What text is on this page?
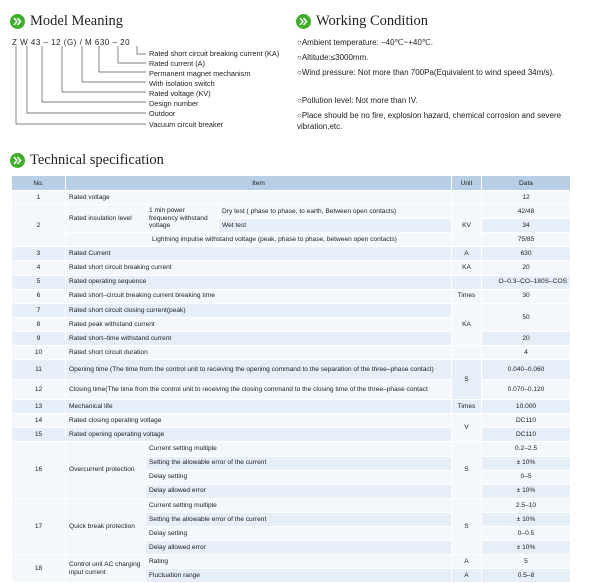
Model Meaning
Z W 43 – 12 (G) / M 630 – 20
Rated short circuit breaking current (KA)
Rated current (A)
Permanent magnet mechanism
With isolation switch
Rated voltage (KV)
Design number
Outdoor
Vacuum circuit breaker
Working Condition
○Ambient temperature: −40℃~+40℃.
○Altitude:≤3000mm.
○Wind pressure: Not more than 700Pa(Equivalent to wind speed 34m/s).
○Pollution level: Not more than IV.
○Place should be no fire, explosion hazard, chemical corrosion and severe vibration,etc.
Technical specification
No.	Item			Unit	Data
1	Rated voltage				12
2	Rated insulation level	1 min power frequency withstand voltage	Dry test ( phase to phase, to earth, Between open contacts)	KV	42/48
			Wet test		34
	Lightning impulse withstand voltage (peak, phase to phase, between open contacts)				75/85
3	Rated Current			A	630
4	Rated short circuit breaking current			KA	20
5	Rated operating sequence				O–0.3–CO–180S–COS
6	Rated short–circuit breaking current breaking time			Times	30
7	Rated short circuit closing current(peak)			KA	50
8	Rated peak withstand current				
9	Rated short–time withstand current				20
10	Rated short circuit duration				4
11	Opening time (The time from the control unit to receiving the opening command to the separation of the three–phase contact)			S	0.040–0.060
12	Closing time(The time from the control unit to receiving the closing command to the closing time of the three–phase contact				0.070–0.120
13	Mechanical life			Times	10.000
14	Rated closing operating voltage			V	DC110
15	Rated opening operating voltage				DC110
16	Overcurrent protection	Current setting multiple		S	0.2–2.5
		Setting the allowable error of the current			± 10%
		Delay setting			0–5
		Delay allowed error			± 10%
17	Quick break protection	Current setting multiple		S	2.5–10
		Setting the allowable error of the current			± 10%
		Delay setting			0–0.5
		Delay allowed error			± 10%
18	Control unit AC charging input current	Rating		A	5
		Fluctuation range		A	0.5–8
